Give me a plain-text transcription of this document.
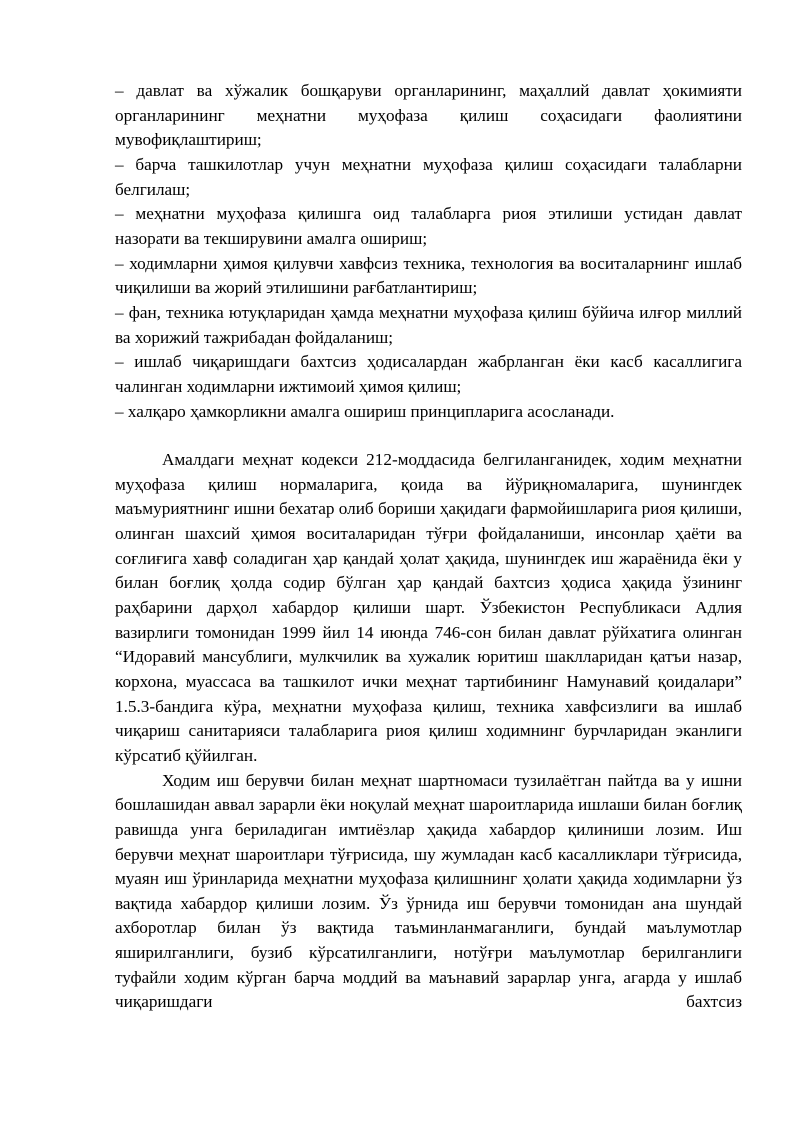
– давлат ва хўжалик бошқаруви органларининг, маҳаллий давлат ҳокимияти органларининг меҳнатни муҳофаза қилиш соҳасидаги фаолиятини мувофиқлаштириш;

– барча ташкилотлар учун меҳнатни муҳофаза қилиш соҳасидаги талабларни белгилаш;

– меҳнатни муҳофаза қилишга оид талабларга риоя этилиши устидан давлат назорати ва текширувини амалга ошириш;

– ходимларни ҳимоя қилувчи хавфсиз техника, технология ва воситаларнинг ишлаб чиқилиши ва жорий этилишини рағбатлантириш;

– фан, техника ютуқларидан ҳамда меҳнатни муҳофаза қилиш бўйича илғор миллий ва хорижий тажрибадан фойдаланиш;

– ишлаб чиқаришдаги бахтсиз ҳодисалардан жабрланган ёки касб касаллигига чалинган ходимларни ижтимоий ҳимоя қилиш;

– халқаро ҳамкорликни амалга ошириш принципларига асосланади.

Амалдаги меҳнат кодекси 212-моддасида белгиланганидек, ходим меҳнатни муҳофаза қилиш нормаларига, қоида ва йўриқномаларига, шунингдек маъмуриятнинг ишни бехатар олиб бориши ҳақидаги фармойишларига риоя қилиши, олинган шахсий ҳимоя воситаларидан тўғри фойдаланиши, инсонлар ҳаёти ва соғлиғига хавф соладиган ҳар қандай ҳолат ҳақида, шунингдек иш жараёнида ёки у билан боғлиқ ҳолда содир бўлган ҳар қандай бахтсиз ҳодиса ҳақида ўзининг раҳбарини дарҳол хабардор қилиши шарт. Ўзбекистон Республикаси Адлия вазирлиги томонидан 1999 йил 14 июнда 746-сон билан давлат рўйхатига олинган “Идоравий мансублиги, мулкчилик ва хужалик юритиш шаклларидан қатъи назар, корхона, муассаса ва ташкилот ички меҳнат тартибининг Намунавий қоидалари” 1.5.3-бандига кўра, меҳнатни муҳофаза қилиш, техника хавфсизлиги ва ишлаб чиқариш санитарияси талабларига риоя қилиш ходимнинг бурчларидан эканлиги кўрсатиб қўйилган.

Ходим иш берувчи билан меҳнат шартномаси тузилаётган пайтда ва у ишни бошлашидан аввал зарарли ёки ноқулай меҳнат шароитларида ишлаши билан боғлиқ равишда унга бериладиган имтиёзлар ҳақида хабардор қилиниши лозим. Иш берувчи меҳнат шароитлари тўғрисида, шу жумладан касб касалликлари тўғрисида, муаян иш ўринларида меҳнатни муҳофаза қилишнинг ҳолати ҳақида ходимларни ўз вақтида хабардор қилиши лозим. Ўз ўрнида иш берувчи томонидан ана шундай ахборотлар билан ўз вақтида таъминланмаганлиги, бундай маълумотлар яширилганлиги, бузиб кўрсатилганлиги, нотўғри маълумотлар берилганлиги туфайли ходим кўрган барча моддий ва маънавий зарарлар унга, агарда у ишлаб чиқаришдаги бахтсиз
